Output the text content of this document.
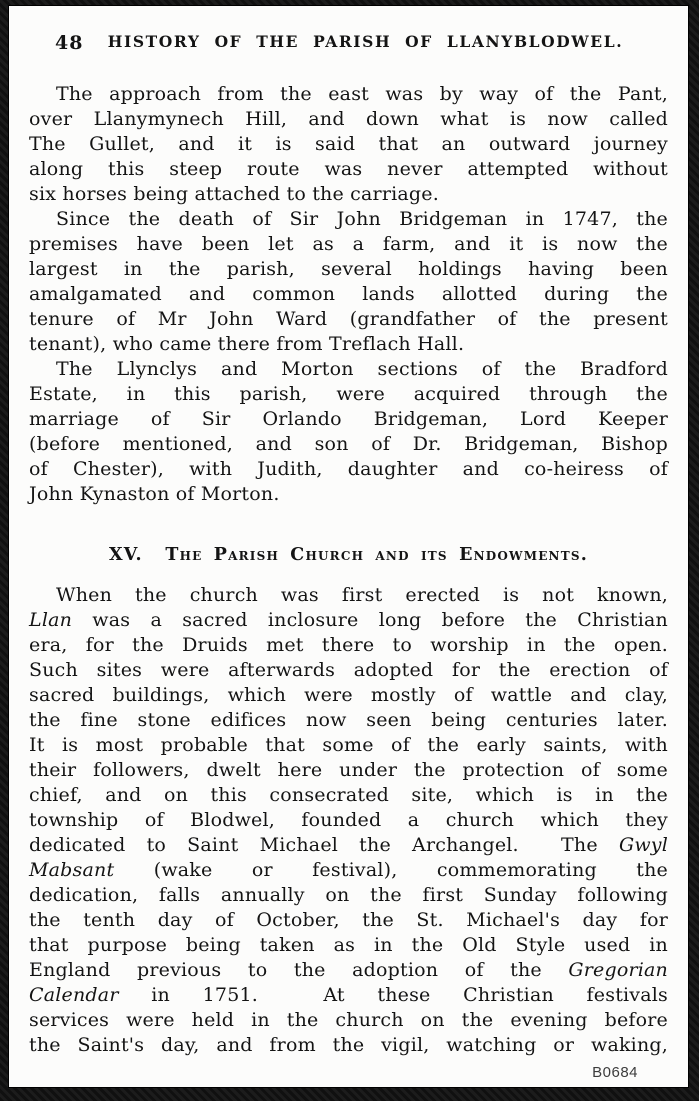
48 HISTORY OF THE PARISH OF LLANYBLODWEL.
The approach from the east was by way of the Pant,
over Llanymynech Hill, and down what is now called
The Gullet, and it is said that an outward journey
along this steep route was never attempted without
six horses being attached to the carriage.
Since the death of Sir John Bridgeman in 1747, the
premises have been let as a farm, and it is now the
largest in the parish, several holdings having been
amalgamated and common lands allotted during the
tenure of Mr John Ward (grandfather of the present
tenant), who came there from Treflach Hall.
The Llynclys and Morton sections of the Bradford
Estate, in this parish, were acquired through the
marriage of Sir Orlando Bridgeman, Lord Keeper
(before mentioned, and son of Dr. Bridgeman, Bishop
of Chester), with Judith, daughter and co-heiress of
John Kynaston of Morton.
XV.  The Parish Church and its Endowments.
When the church was first erected is not known,
Llan was a sacred inclosure long before the Christian
era, for the Druids met there to worship in the open.
Such sites were afterwards adopted for the erection of
sacred buildings, which were mostly of wattle and clay,
the fine stone edifices now seen being centuries later.
It is most probable that some of the early saints, with
their followers, dwelt here under the protection of some
chief, and on this consecrated site, which is in the
township of Blodwel, founded a church which they
dedicated to Saint Michael the Archangel.  The Gwyl
Mabsant (wake or festival), commemorating the
dedication, falls annually on the first Sunday following
the tenth day of October, the St. Michael's day for
that purpose being taken as in the Old Style used in
England previous to the adoption of the Gregorian
Calendar in 1751.  At these Christian festivals
services were held in the church on the evening before
the Saint's day, and from the vigil, watching or waking,
B0684
